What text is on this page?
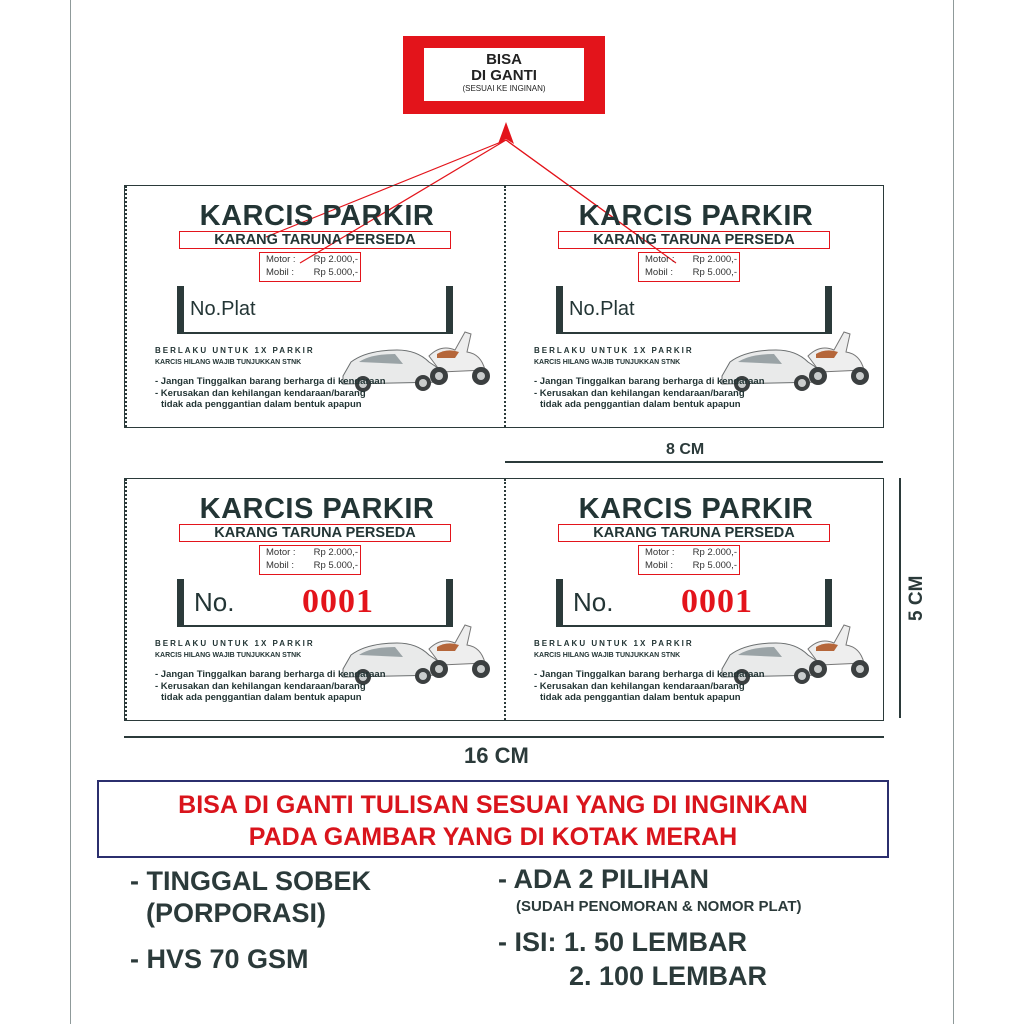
BISA
DI GANTI
(SESUAI KE INGINAN)
KARCIS PARKIR
KARANG TARUNA PERSEDA
Motor : Rp 2.000,-
Mobil : Rp 5.000,-
No.Plat
BERLAKU UNTUK 1X PARKIR
KARCIS HILANG WAJIB TUNJUKKAN STNK
- Jangan Tinggalkan barang berharga di kendaraan
- Kerusakan dan kehilangan kendaraan/barang
tidak ada penggantian dalam bentuk apapun
KARCIS PARKIR
KARANG TARUNA PERSEDA
Motor : Rp 2.000,-
Mobil : Rp 5.000,-
No.Plat
BERLAKU UNTUK 1X PARKIR
KARCIS HILANG WAJIB TUNJUKKAN STNK
- Jangan Tinggalkan barang berharga di kendaraan
- Kerusakan dan kehilangan kendaraan/barang
tidak ada penggantian dalam bentuk apapun
8 CM
KARCIS PARKIR
KARANG TARUNA PERSEDA
Motor : Rp 2.000,-
Mobil : Rp 5.000,-
No. 0001
BERLAKU UNTUK 1X PARKIR
KARCIS HILANG WAJIB TUNJUKKAN STNK
- Jangan Tinggalkan barang berharga di kendaraan
- Kerusakan dan kehilangan kendaraan/barang
tidak ada penggantian dalam bentuk apapun
KARCIS PARKIR
KARANG TARUNA PERSEDA
Motor : Rp 2.000,-
Mobil : Rp 5.000,-
No. 0001
BERLAKU UNTUK 1X PARKIR
KARCIS HILANG WAJIB TUNJUKKAN STNK
- Jangan Tinggalkan barang berharga di kendaraan
- Kerusakan dan kehilangan kendaraan/barang
tidak ada penggantian dalam bentuk apapun
5 CM
16 CM
BISA DI GANTI TULISAN SESUAI YANG DI INGINKAN
PADA GAMBAR YANG DI KOTAK MERAH
- TINGGAL SOBEK
(PORPORASI)
- HVS 70 GSM
- ADA 2 PILIHAN
(SUDAH PENOMORAN & NOMOR PLAT)
- ISI: 1. 50 LEMBAR
2. 100 LEMBAR
